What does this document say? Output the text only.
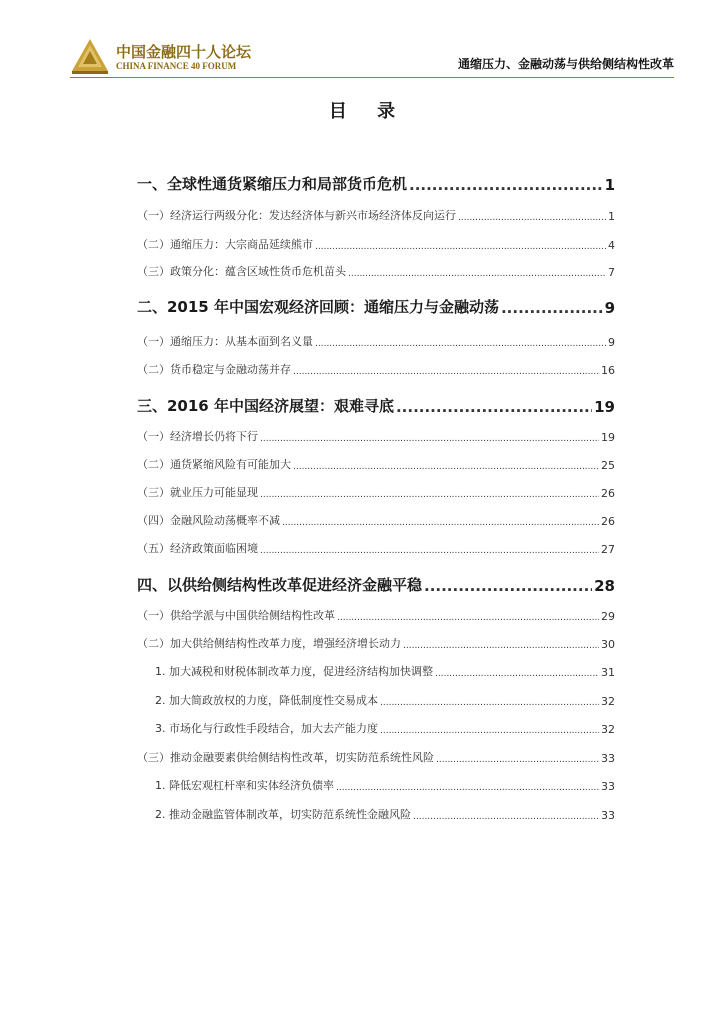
中国金融四十人论坛
CHINA FINANCE 40 FORUM	通缩压力、金融动荡与供给侧结构性改革
目 录
一、全球性通货紧缩压力和局部货币危机 .....	1
（一）经济运行两级分化：发达经济体与新兴市场经济体反向运行 .....	1
（二）通缩压力：大宗商品延续熊市 .....	4
（三）政策分化：蕴含区域性货币危机苗头 .....	7
二、2015 年中国宏观经济回顾：通缩压力与金融动荡 .....	9
（一）通缩压力：从基本面到名义量 .....	9
（二）货币稳定与金融动荡并存 .....	16
三、2016 年中国经济展望：艰难寻底 .....	19
（一）经济增长仍将下行 .....	19
（二）通货紧缩风险有可能加大 .....	25
（三）就业压力可能显现 .....	26
（四）金融风险动荡概率不减 .....	26
（五）经济政策面临困境 .....	27
四、以供给侧结构性改革促进经济金融平稳 .....	28
（一）供给学派与中国供给侧结构性改革 .....	29
（二）加大供给侧结构性改革力度，增强经济增长动力 .....	30
1. 加大减税和财税体制改革力度，促进经济结构加快调整 .....	31
2. 加大简政放权的力度，降低制度性交易成本 .....	32
3. 市场化与行政性手段结合，加大去产能力度 .....	32
（三）推动金融要素供给侧结构性改革，切实防范系统性风险 .....	33
1. 降低宏观杠杆率和实体经济负债率 .....	33
2. 推动金融监管体制改革，切实防范系统性金融风险 .....	33
